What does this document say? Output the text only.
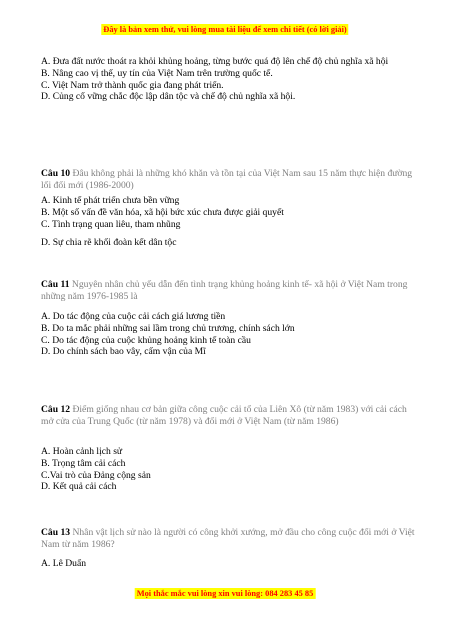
Đây là bản xem thử, vui lòng mua tài liệu để xem chi tiết (có lời giải)
A. Đưa đất nước thoát ra khỏi khủng hoảng, từng bước quá độ lên chế độ chủ nghĩa xã hội
B. Nâng cao vị thế, uy tín của Việt Nam trên trường quốc tế.
C. Việt Nam trở thành quốc gia đang phát triển.
D. Củng cố vững chắc độc lập dân tộc và chế độ chủ nghĩa xã hội.
Câu 10 Đâu không phải là những khó khăn và tồn tại của Việt Nam sau 15 năm thực hiện đường lối đổi mới (1986-2000)
A. Kinh tế phát triển chưa bền vững
B. Một số vấn đề văn hóa, xã hội bức xúc chưa được giải quyết
C. Tình trạng quan liêu, tham nhũng
D. Sự chia rẽ khối đoàn kết dân tộc
Câu 11 Nguyên nhân chủ yếu dẫn đến tình trạng khủng hoảng kinh tế- xã hội ở Việt Nam trong những năm 1976-1985 là
A. Do tác động của cuộc cải cách giá lương tiền
B. Do ta mắc phải những sai lầm trong chủ trương, chính sách lớn
C. Do tác động của cuộc khủng hoảng kinh tế toàn cầu
D. Do chính sách bao vây, cấm vận của Mĩ
Câu 12 Điểm giống nhau cơ bản giữa công cuộc cải tổ của Liên Xô (từ năm 1983) với cải cách mở cửa của Trung Quốc (từ năm 1978) và đổi mới ở Việt Nam (từ năm 1986)
A. Hoàn cảnh lịch sử
B. Trọng tâm cải cách
C.Vai trò của Đảng cộng sản
D. Kết quả cải cách
Câu 13 Nhân vật lịch sử nào là người có công khởi xướng, mở đầu cho công cuộc đổi mới ở Việt Nam từ năm 1986?
A. Lê Duẩn
Mọi thắc mắc vui lòng xin vui lòng: 084 283 45 85
